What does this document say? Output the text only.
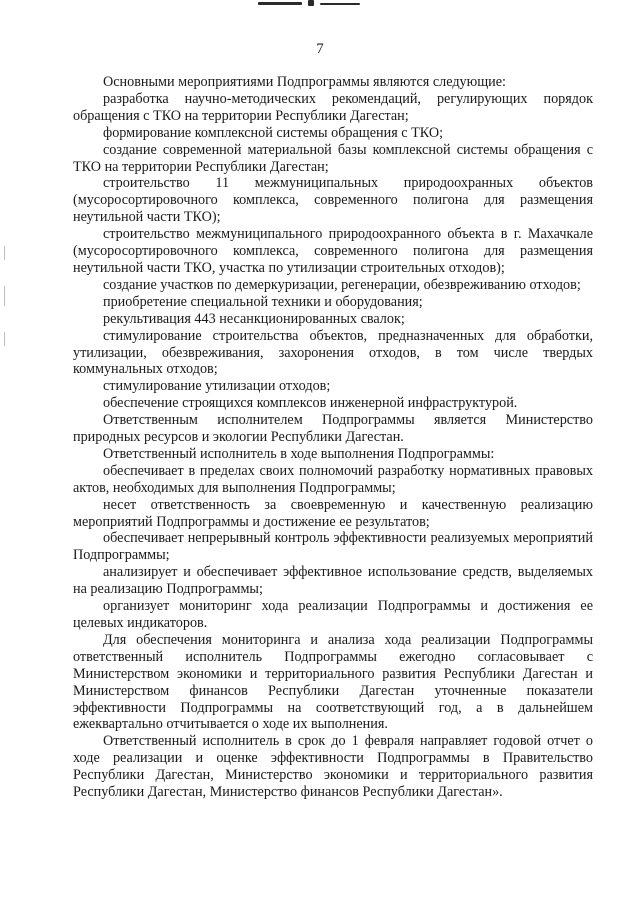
7

Основными мероприятиями Подпрограммы являются следующие:

разработка научно-методических рекомендаций, регулирующих порядок обращения с ТКО на территории Республики Дагестан;

формирование комплексной системы обращения с ТКО;

создание современной материальной базы комплексной системы обращения с ТКО на территории Республики Дагестан;

строительство 11 межмуниципальных природоохранных объектов (мусоросортировочного комплекса, современного полигона для размещения неутильной части ТКО);

строительство межмуниципального природоохранного объекта в г. Махачкале (мусоросортировочного комплекса, современного полигона для размещения неутильной части ТКО, участка по утилизации строительных отходов);

создание участков по демеркуризации, регенерации, обезвреживанию отходов;

приобретение специальной техники и оборудования;

рекультивация 443 несанкционированных свалок;

стимулирование строительства объектов, предназначенных для обработки, утилизации, обезвреживания, захоронения отходов, в том числе твердых коммунальных отходов;

стимулирование утилизации отходов;

обеспечение строящихся комплексов инженерной инфраструктурой.

Ответственным исполнителем Подпрограммы является Министерство природных ресурсов и экологии Республики Дагестан.

Ответственный исполнитель в ходе выполнения Подпрограммы:

обеспечивает в пределах своих полномочий разработку нормативных правовых актов, необходимых для выполнения Подпрограммы;

несет ответственность за своевременную и качественную реализацию мероприятий Подпрограммы и достижение ее результатов;

обеспечивает непрерывный контроль эффективности реализуемых мероприятий Подпрограммы;

анализирует и обеспечивает эффективное использование средств, выделяемых на реализацию Подпрограммы;

организует мониторинг хода реализации Подпрограммы и достижения ее целевых индикаторов.

Для обеспечения мониторинга и анализа хода реализации Подпрограммы ответственный исполнитель Подпрограммы ежегодно согласовывает с Министерством экономики и территориального развития Республики Дагестан и Министерством финансов Республики Дагестан уточненные показатели эффективности Подпрограммы на соответствующий год, а в дальнейшем ежеквартально отчитывается о ходе их выполнения.

Ответственный исполнитель в срок до 1 февраля направляет годовой отчет о ходе реализации и оценке эффективности Подпрограммы в Правительство Республики Дагестан, Министерство экономики и территориального развития Республики Дагестан, Министерство финансов Республики Дагестан».
